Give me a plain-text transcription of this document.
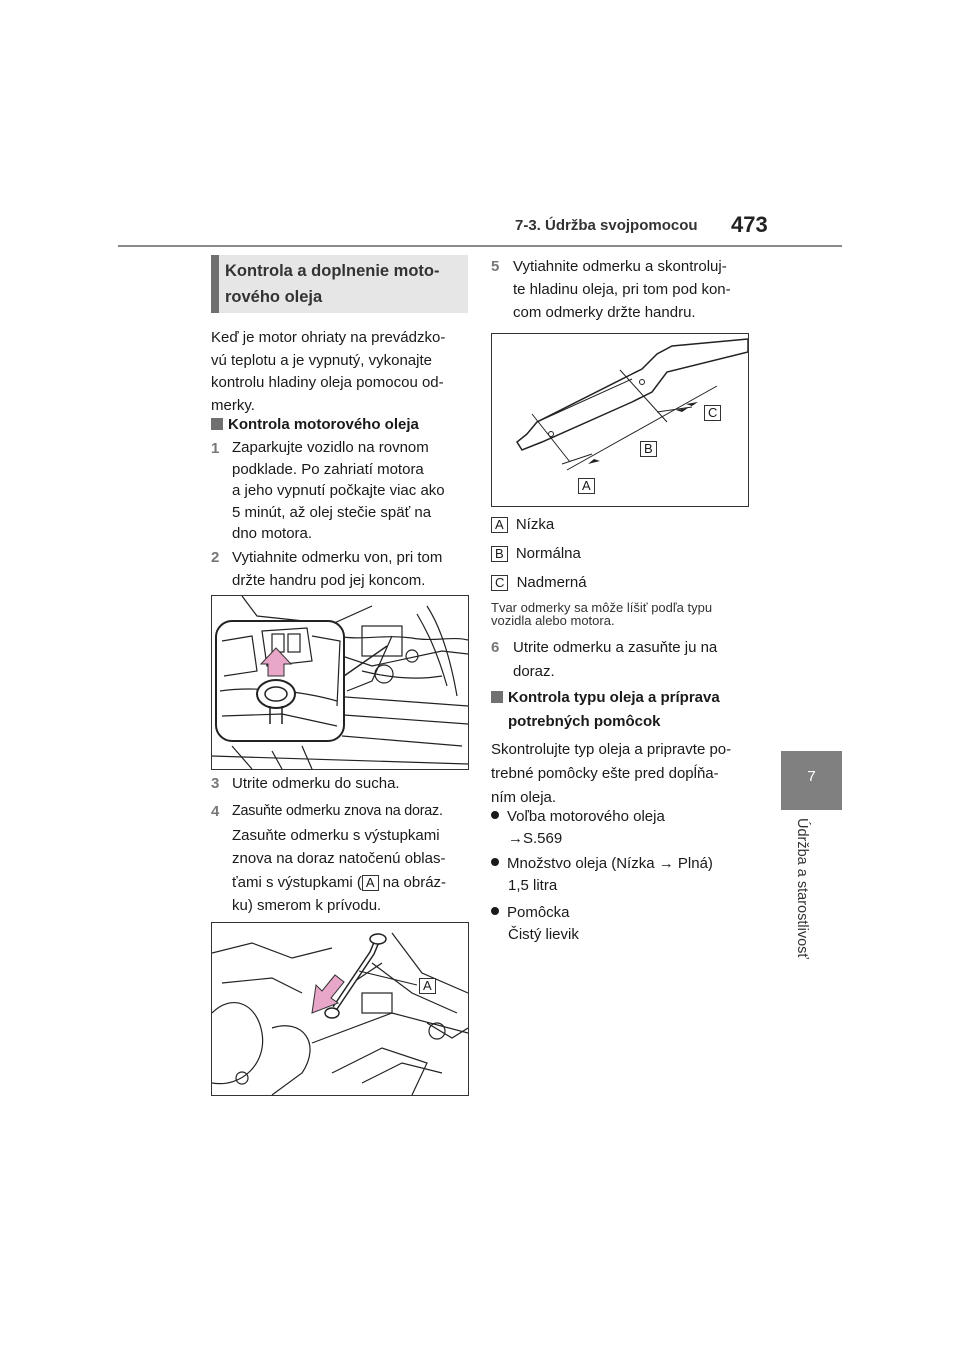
7-3. Údržba svojpomocou 473
7
Údržba a starostlivosť
Kontrola a doplnenie moto-
rového oleja
Keď je motor ohriaty na prevádzko-
vú teplotu a je vypnutý, vykonajte
kontrolu hladiny oleja pomocou od-
merky.
Kontrola motorového oleja
1 Zaparkujte vozidlo na rovnom
podklade. Po zahriatí motora
a jeho vypnutí počkajte viac ako
5 minút, až olej stečie späť na
dno motora.
2 Vytiahnite odmerku von, pri tom
držte handru pod jej koncom.
3 Utrite odmerku do sucha.
4 Zasuňte odmerku znova na doraz.
Zasuňte odmerku s výstupkami
znova na doraz natočenú oblas-
ťami s výstupkami ( A na obráz-
ku) smerom k prívodu.
A
5 Vytiahnite odmerku a skontroluj-
te hladinu oleja, pri tom pod kon-
com odmerky držte handru.
C
B
A
A Nízka
B Normálna
C Nadmerná
Tvar odmerky sa môže líšiť podľa typu
vozidla alebo motora.
6 Utrite odmerku a zasuňte ju na
doraz.
Kontrola typu oleja a príprava
potrebných pomôcok
Skontrolujte typ oleja a pripravte po-
trebné pomôcky ešte pred dopĺňa-
ním oleja.
Voľba motorového oleja
→S.569
Množstvo oleja (Nízka → Plná)
1,5 litra
Pomôcka
Čistý lievik
